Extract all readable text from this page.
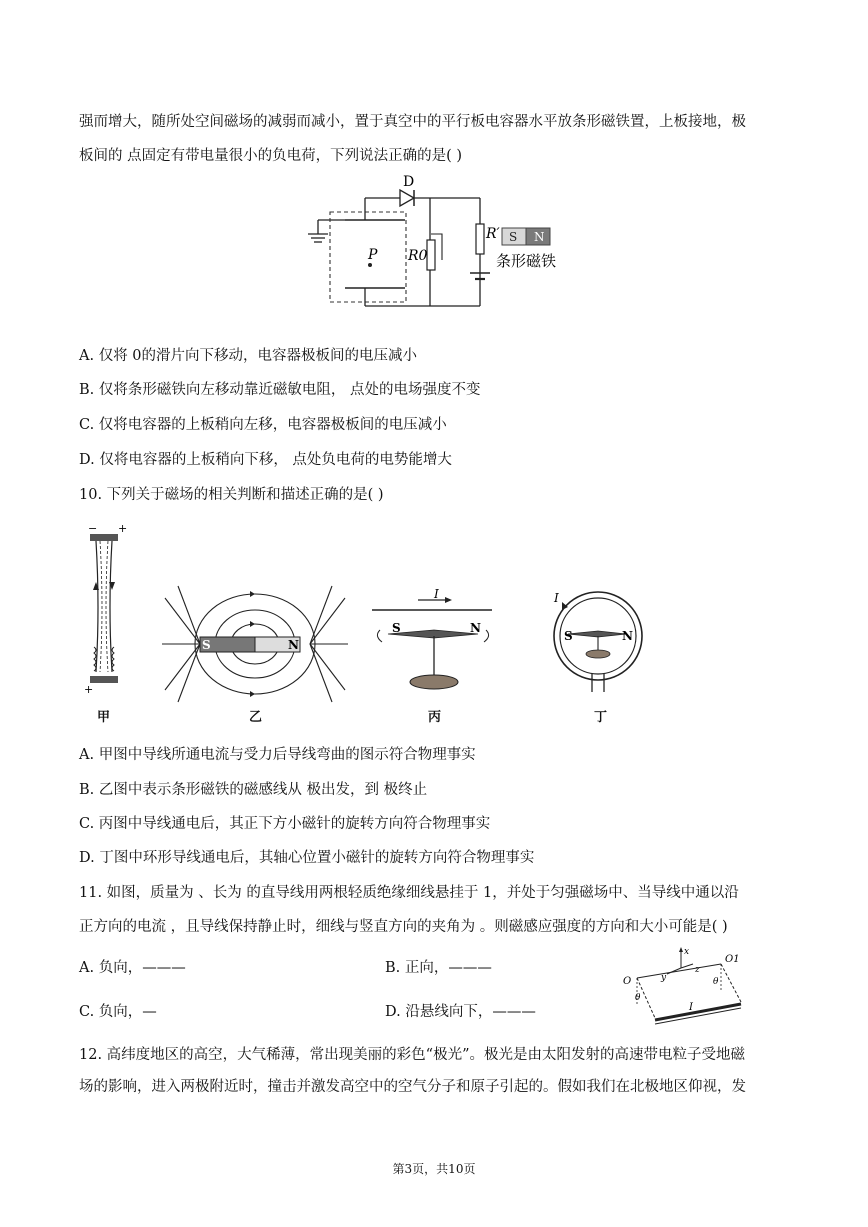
强而增大，随所处空间磁场的减弱而减小，置于真空中的平行板电容器水平放条形磁铁置，上板接地，极
板间的 点固定有带电量很小的负电荷，下列说法正确的是( )
D
P R0
R′ S N
条形磁铁
A. 仅将 0的滑片向下移动，电容器极板间的电压减小
B. 仅将条形磁铁向左移动靠近磁敏电阻， 点处的电场强度不变
C. 仅将电容器的上板稍向左移，电容器极板间的电压减小
D. 仅将电容器的上板稍向下移， 点处负电荷的电势能增大
10. 下列关于磁场的相关判断和描述正确的是( )
− +
+
S	N
I
S	N
S	N
I
甲	乙	丙	丁
A. 甲图中导线所通电流与受力后导线弯曲的图示符合物理事实
B. 乙图中表示条形磁铁的磁感线从 极出发，到 极终止
C. 丙图中导线通电后，其正下方小磁针的旋转方向符合物理事实
D. 丁图中环形导线通电后，其轴心位置小磁针的旋转方向符合物理事实
11. 如图，质量为 、长为 的直导线用两根轻质绝缘细线悬挂于 1，并处于匀强磁场中、当导线中通以沿
正方向的电流 ，且导线保持静止时，细线与竖直方向的夹角为 。则磁感应强度的方向和大小可能是( )
A. 负向，———	B. 正向，———
C. 负向，—	D. 沿悬线向下，———
O
O1
x
y
z
θ
θ
I
12. 高纬度地区的高空，大气稀薄，常出现美丽的彩色“极光”。极光是由太阳发射的高速带电粒子受地磁
场的影响，进入两极附近时，撞击并激发高空中的空气分子和原子引起的。假如我们在北极地区仰视，发
第3页，共10页
